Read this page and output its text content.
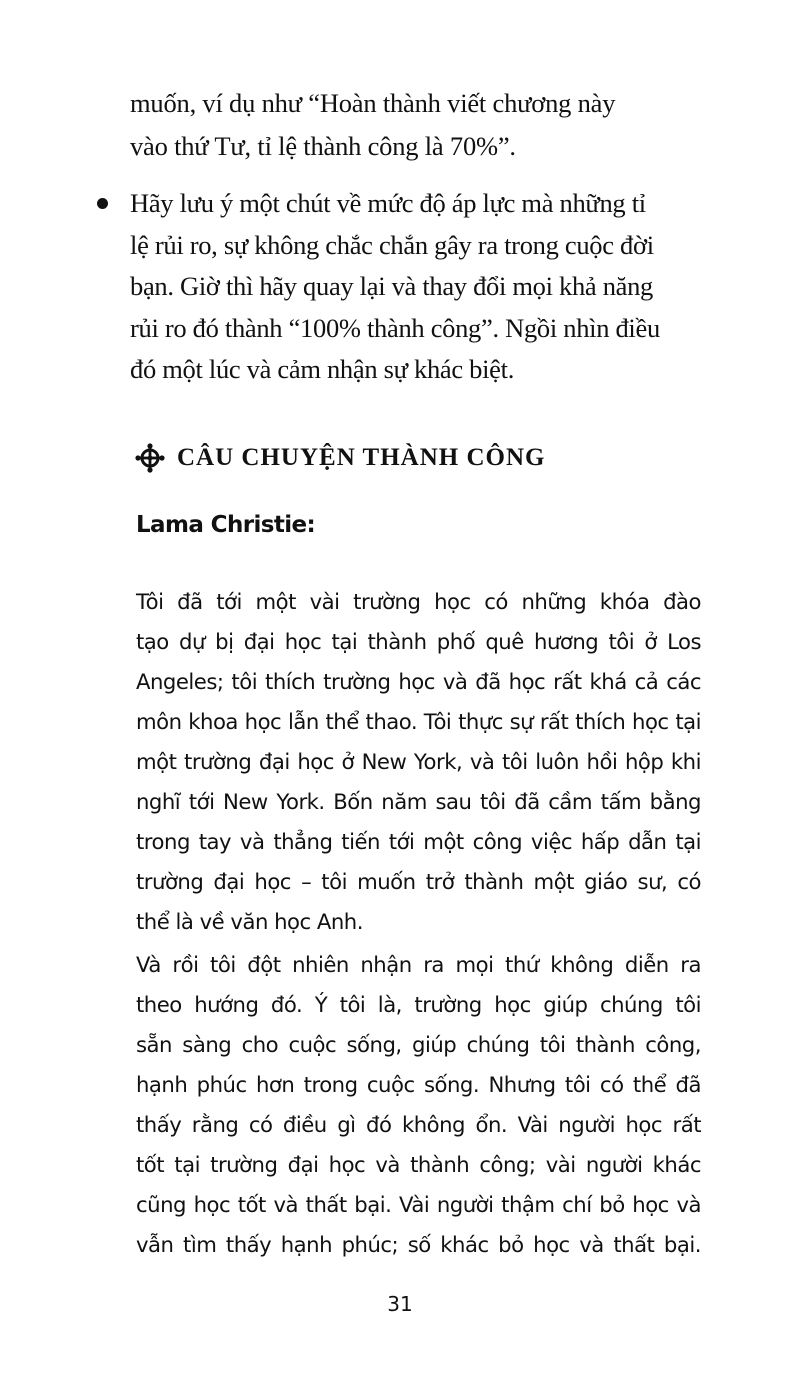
muốn, ví dụ như “Hoàn thành viết chương này
vào thứ Tư, tỉ lệ thành công là 70%”.
Hãy lưu ý một chút về mức độ áp lực mà những tỉ
lệ rủi ro, sự không chắc chắn gây ra trong cuộc đời
bạn. Giờ thì hãy quay lại và thay đổi mọi khả năng
rủi ro đó thành “100% thành công”. Ngồi nhìn điều
đó một lúc và cảm nhận sự khác biệt.
CÂU CHUYỆN THÀNH CÔNG
Lama Christie:
Tôi đã tới một vài trường học có những khóa đào
tạo dự bị đại học tại thành phố quê hương tôi ở Los
Angeles; tôi thích trường học và đã học rất khá cả các
môn khoa học lẫn thể thao. Tôi thực sự rất thích học tại
một trường đại học ở New York, và tôi luôn hồi hộp khi
nghĩ tới New York. Bốn năm sau tôi đã cầm tấm bằng
trong tay và thẳng tiến tới một công việc hấp dẫn tại
trường đại học – tôi muốn trở thành một giáo sư, có
thể là về văn học Anh.
Và rồi tôi đột nhiên nhận ra mọi thứ không diễn ra
theo hướng đó. Ý tôi là, trường học giúp chúng tôi
sẵn sàng cho cuộc sống, giúp chúng tôi thành công,
hạnh phúc hơn trong cuộc sống. Nhưng tôi có thể đã
thấy rằng có điều gì đó không ổn. Vài người học rất
tốt tại trường đại học và thành công; vài người khác
cũng học tốt và thất bại. Vài người thậm chí bỏ học và
vẫn tìm thấy hạnh phúc; số khác bỏ học và thất bại.
31
